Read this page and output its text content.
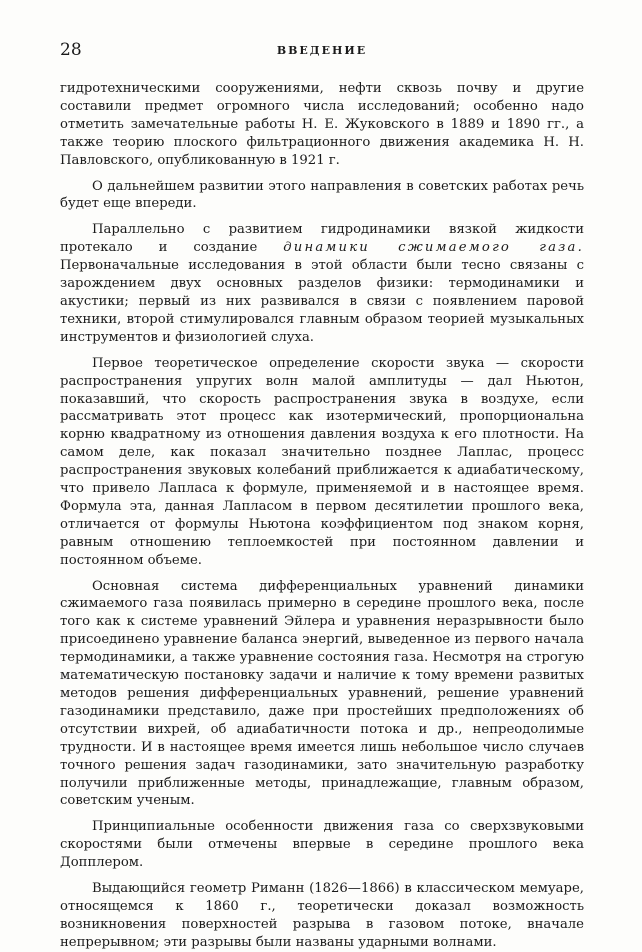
28	ВВЕДЕНИЕ

гидротехническими сооружениями, нефти сквозь почву и другие составили предмет огромного числа исследований; особенно надо отметить замечательные работы Н. Е. Жуковского в 1889 и 1890 гг., а также теорию плоского фильтрационного движения академика Н. Н. Павловского, опубликованную в 1921 г.

О дальнейшем развитии этого направления в советских работах речь будет еще впереди.

Параллельно с развитием гидродинамики вязкой жидкости протекало и создание динамики сжимаемого газа. Первоначальные исследования в этой области были тесно связаны с зарождением двух основных разделов физики: термодинамики и акустики; первый из них развивался в связи с появлением паровой техники, второй стимулировался главным образом теорией музыкальных инструментов и физиологией слуха.

Первое теоретическое определение скорости звука — скорости распространения упругих волн малой амплитуды — дал Ньютон, показавший, что скорость распространения звука в воздухе, если рассматривать этот процесс как изотермический, пропорциональна корню квадратному из отношения давления воздуха к его плотности. На самом деле, как показал значительно позднее Лаплас, процесс распространения звуковых колебаний приближается к адиабатическому, что привело Лапласа к формуле, применяемой и в настоящее время. Формула эта, данная Лапласом в первом десятилетии прошлого века, отличается от формулы Ньютона коэффициентом под знаком корня, равным отношению теплоемкостей при постоянном давлении и постоянном объеме.

Основная система дифференциальных уравнений динамики сжимаемого газа появилась примерно в середине прошлого века, после того как к системе уравнений Эйлера и уравнения неразрывности было присоединено уравнение баланса энергий, выведенное из первого начала термодинамики, а также уравнение состояния газа. Несмотря на строгую математическую постановку задачи и наличие к тому времени развитых методов решения дифференциальных уравнений, решение уравнений газодинамики представило, даже при простейших предположениях об отсутствии вихрей, об адиабатичности потока и др., непреодолимые трудности. И в настоящее время имеется лишь небольшое число случаев точного решения задач газодинамики, зато значительную разработку получили приближенные методы, принадлежащие, главным образом, советским ученым.

Принципиальные особенности движения газа со сверхзвуковыми скоростями были отмечены впервые в середине прошлого века Допплером.

Выдающийся геометр Риманн (1826—1866) в классическом мемуаре, относящемся к 1860 г., теоретически доказал возможность возникновения поверхностей разрыва в газовом потоке, вначале непрерывном; эти разрывы были названы ударными волнами.
